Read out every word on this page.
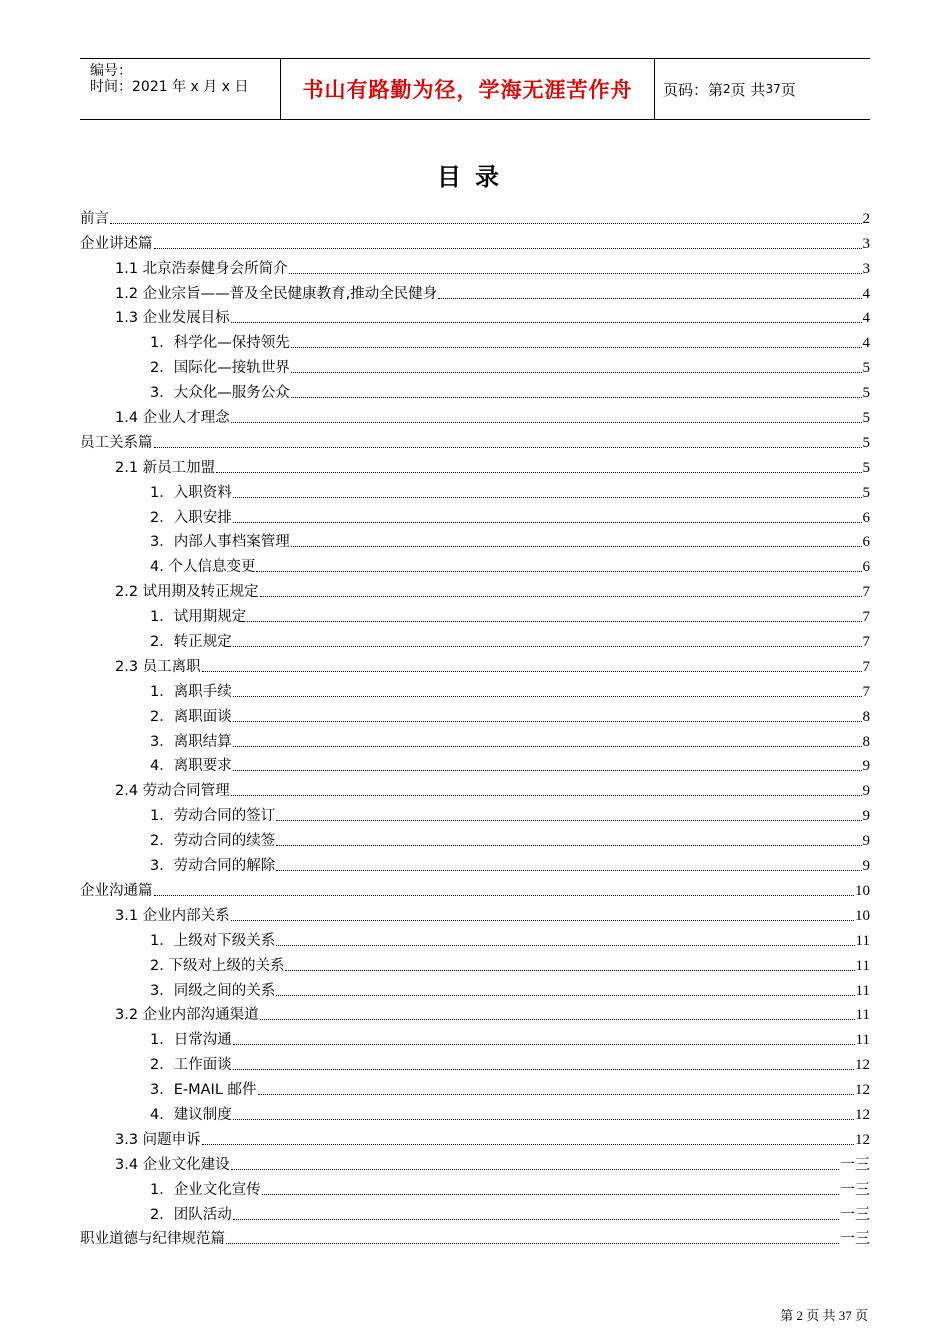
编号：
时间：2021 年 x 月 x 日	书山有路勤为径，学海无涯苦作舟	页码：第 2 页 共 37 页
目录
前言	2
企业讲述篇	3
1.1 北京浩泰健身会所简介	3
1.2 企业宗旨——普及全民健康教育,推动全民健身	4
1.3 企业发展目标	4
1．科学化—保持领先	4
2．国际化—接轨世界	5
3．大众化—服务公众	5
1.4 企业人才理念	5
员工关系篇	5
2.1 新员工加盟	5
1．入职资料	5
2．入职安排	6
3．内部人事档案管理	6
4. 个人信息变更	6
2.2 试用期及转正规定	7
1．试用期规定	7
2．转正规定	7
2.3 员工离职	7
1．离职手续	7
2．离职面谈	8
3．离职结算	8
4．离职要求	9
2.4 劳动合同管理	9
1．劳动合同的签订	9
2．劳动合同的续签	9
3．劳动合同的解除	9
企业沟通篇	10
3.1 企业内部关系	10
1．上级对下级关系	11
2. 下级对上级的关系	11
3．同级之间的关系	11
3.2 企业内部沟通渠道	11
1．日常沟通	11
2．工作面谈	12
3．E-MAIL 邮件	12
4．建议制度	12
3.3 问题申诉	12
3.4 企业文化建设	一三
1．企业文化宣传	一三
2．团队活动	一三
职业道德与纪律规范篇	一三
第 2 页 共 37 页
